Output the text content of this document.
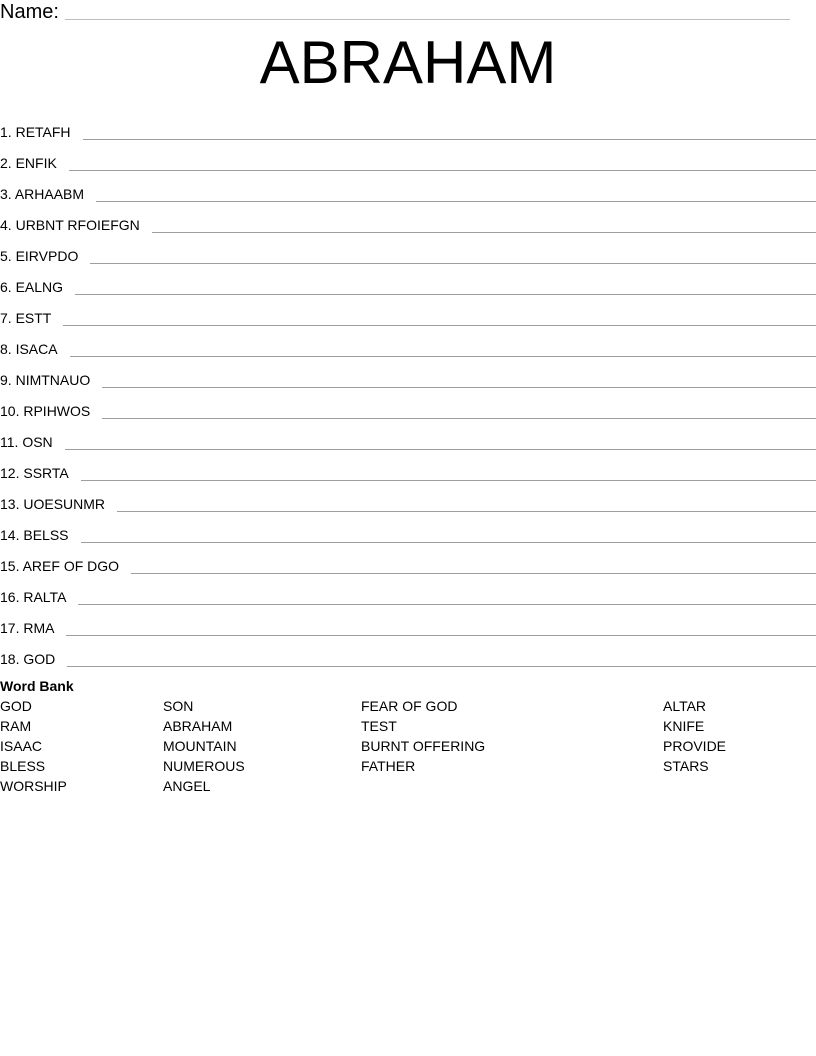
Name:
ABRAHAM
1. RETAFH
2. ENFIK
3. ARHAABM
4. URBNT RFOIEFGN
5. EIRVPDO
6. EALNG
7. ESTT
8. ISACA
9. NIMTNAUO
10. RPIHWOS
11. OSN
12. SSRTA
13. UOESUNMR
14. BELSS
15. AREF OF DGO
16. RALTA
17. RMA
18. GOD
Word Bank
GOD
RAM
ISAAC
BLESS
WORSHIP
SON
ABRAHAM
MOUNTAIN
NUMEROUS
ANGEL
FEAR OF GOD
TEST
BURNT OFFERING
FATHER
ALTAR
KNIFE
PROVIDE
STARS
